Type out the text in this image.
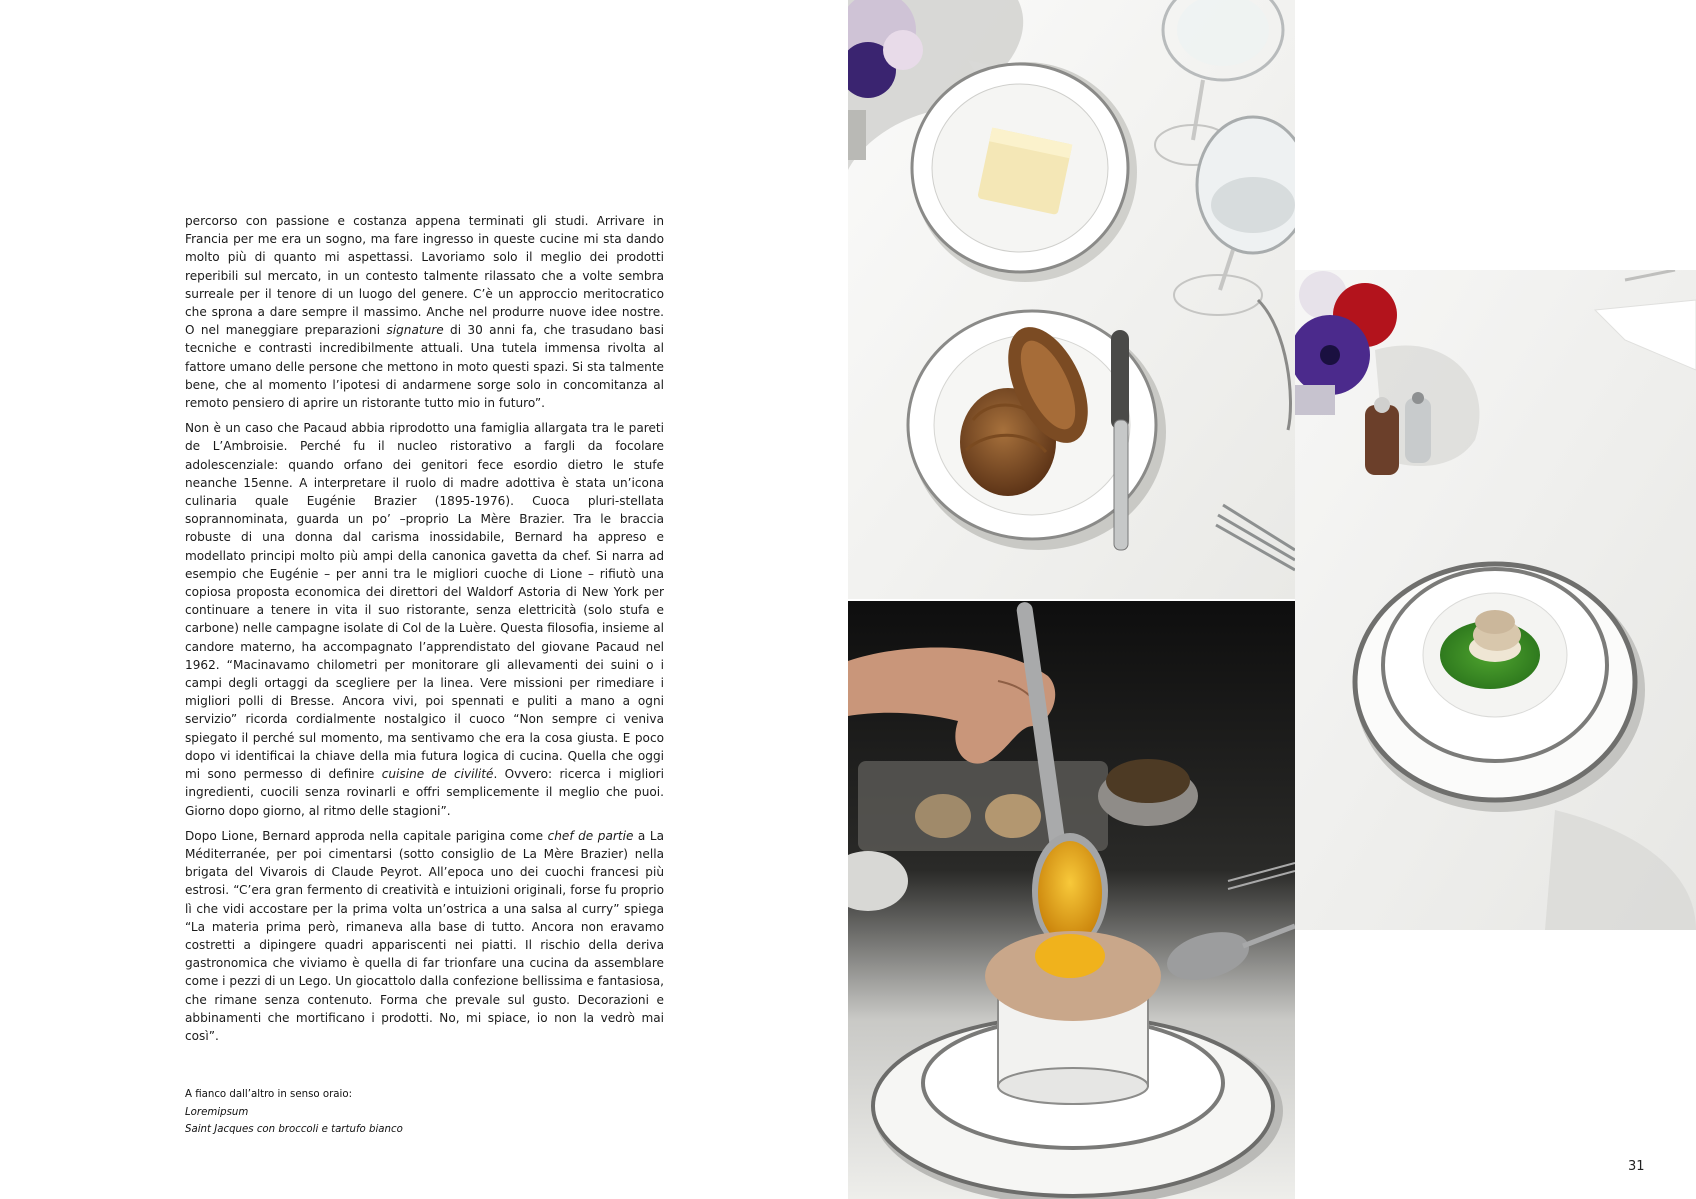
percorso con passione e costanza appena terminati gli studi. Arrivare in Francia per me era un sogno, ma fare ingresso in queste cucine mi sta dando molto più di quanto mi aspettassi. Lavoriamo solo il meglio dei prodotti reperibili sul mercato, in un contesto talmente rilassato che a volte sembra surreale per il tenore di un luogo del genere. C’è un approccio meritocratico che sprona a dare sempre il massimo. Anche nel produrre nuove idee nostre. O nel maneggiare preparazioni signature di 30 anni fa, che trasudano basi tecniche e contrasti incredibilmente attuali. Una tutela immensa rivolta al fattore umano delle persone che mettono in moto questi spazi. Si sta talmente bene, che al momento l’ipotesi di andarmene sorge solo in concomitanza al remoto pensiero di aprire un ristorante tutto mio in futuro”.

Non è un caso che Pacaud abbia riprodotto una famiglia allargata tra le pareti de L’Ambroisie. Perché fu il nucleo ristorativo a fargli da focolare adolescenziale: quando orfano dei genitori fece esordio dietro le stufe neanche 15enne. A interpretare il ruolo di madre adottiva è stata un’icona culinaria quale Eugénie Brazier (1895-1976). Cuoca pluri-stellata soprannominata, guarda un po’ –proprio La Mère Brazier. Tra le braccia robuste di una donna dal carisma inossidabile, Bernard ha appreso e modellato principi molto più ampi della canonica gavetta da chef. Si narra ad esempio che Eugénie – per anni tra le migliori cuoche di Lione – rifiutò una copiosa proposta economica dei direttori del Waldorf Astoria di New York per continuare a tenere in vita il suo ristorante, senza elettricità (solo stufa e carbone) nelle campagne isolate di Col de la Luère. Questa filosofia, insieme al candore materno, ha accompagnato l’apprendistato del giovane Pacaud nel 1962. “Macinavamo chilometri per monitorare gli allevamenti dei suini o i campi degli ortaggi da scegliere per la linea. Vere missioni per rimediare i migliori polli di Bresse. Ancora vivi, poi spennati e puliti a mano a ogni servizio” ricorda cordialmente nostalgico il cuoco “Non sempre ci veniva spiegato il perché sul momento, ma sentivamo che era la cosa giusta. E poco dopo vi identificai la chiave della mia futura logica di cucina. Quella che oggi mi sono permesso di definire cuisine de civilité. Ovvero: ricerca i migliori ingredienti, cuocili senza rovinarli e offri semplicemente il meglio che puoi. Giorno dopo giorno, al ritmo delle stagioni”.

Dopo Lione, Bernard approda nella capitale parigina come chef de partie a La Méditerranée, per poi cimentarsi (sotto consiglio de La Mère Brazier) nella brigata del Vivarois di Claude Peyrot. All’epoca uno dei cuochi francesi più estrosi. “C’era gran fermento di creatività e intuizioni originali, forse fu proprio lì che vidi accostare per la prima volta un’ostrica a una salsa al curry” spiega “La materia prima però, rimaneva alla base di tutto. Ancora non eravamo costretti a dipingere quadri appariscenti nei piatti. Il rischio della deriva gastronomica che viviamo è quella di far trionfare una cucina da assemblare come i pezzi di un Lego. Un giocattolo dalla confezione bellissima e fantasiosa, che rimane senza contenuto. Forma che prevale sul gusto. Decorazioni e abbinamenti che mortificano i prodotti. No, mi spiace, io non la vedrò mai così”.

A fianco dall’altro in senso oraio:
Loremipsum
Saint Jacques con broccoli e tartufo bianco
31
